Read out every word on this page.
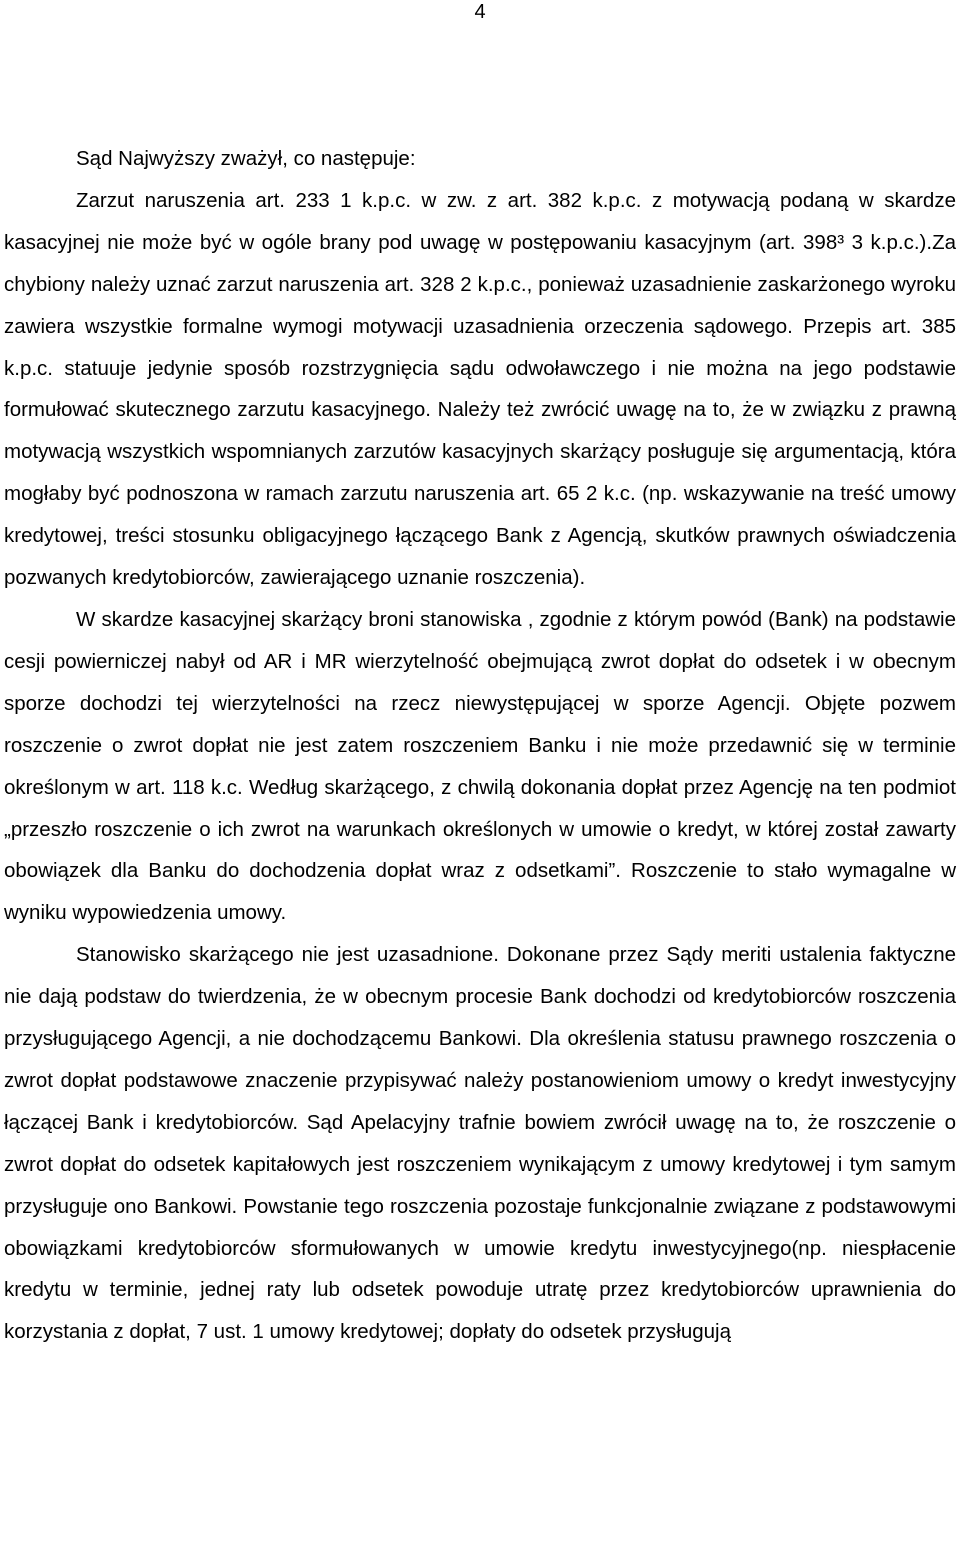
4

Sąd Najwyższy zważył, co następuje:

Zarzut naruszenia art. 233 1 k.p.c. w zw. z art. 382 k.p.c. z motywacją podaną w skardze kasacyjnej nie może być w ogóle brany pod uwagę w postępowaniu kasacyjnym (art. 398³ 3 k.p.c.).Za chybiony należy uznać zarzut naruszenia art. 328 2 k.p.c., ponieważ uzasadnienie zaskarżonego wyroku zawiera wszystkie formalne wymogi motywacji uzasadnienia orzeczenia sądowego. Przepis art. 385 k.p.c. statuuje jedynie sposób rozstrzygnięcia sądu odwoławczego i nie można na jego podstawie formułować skutecznego zarzutu kasacyjnego. Należy też zwrócić uwagę na to, że w związku z prawną motywacją wszystkich wspomnianych zarzutów kasacyjnych skarżący posługuje się argumentacją, która mogłaby być podnoszona w ramach zarzutu naruszenia art. 65 2 k.c. (np. wskazywanie na treść umowy kredytowej, treści stosunku obligacyjnego łączącego Bank z Agencją, skutków prawnych oświadczenia pozwanych kredytobiorców, zawierającego uznanie roszczenia).

W skardze kasacyjnej skarżący broni stanowiska , zgodnie z którym powód (Bank) na podstawie cesji powierniczej nabył od AR i MR wierzytelność obejmującą zwrot dopłat do odsetek i w obecnym sporze dochodzi tej wierzytelności na rzecz niewystępującej w sporze Agencji. Objęte pozwem roszczenie o zwrot dopłat nie jest zatem roszczeniem Banku i nie może przedawnić się w terminie określonym w art. 118 k.c. Według skarżącego, z chwilą dokonania dopłat przez Agencję na ten podmiot „przeszło roszczenie o ich zwrot na warunkach określonych w umowie o kredyt, w której został zawarty obowiązek dla Banku do dochodzenia dopłat wraz z odsetkami”. Roszczenie to stało wymagalne w wyniku wypowiedzenia umowy.

Stanowisko skarżącego nie jest uzasadnione. Dokonane przez Sądy meriti ustalenia faktyczne nie dają podstaw do twierdzenia, że w obecnym procesie Bank dochodzi od kredytobiorców roszczenia przysługującego Agencji, a nie dochodzącemu Bankowi. Dla określenia statusu prawnego roszczenia o zwrot dopłat podstawowe znaczenie przypisywać należy postanowieniom umowy o kredyt inwestycyjny łączącej Bank i kredytobiorców. Sąd Apelacyjny trafnie bowiem zwrócił uwagę na to, że roszczenie o zwrot dopłat do odsetek kapitałowych jest roszczeniem wynikającym z umowy kredytowej i tym samym przysługuje ono Bankowi. Powstanie tego roszczenia pozostaje funkcjonalnie związane z podstawowymi obowiązkami kredytobiorców sformułowanych w umowie kredytu inwestycyjnego(np. niespłacenie kredytu w terminie, jednej raty lub odsetek powoduje utratę przez kredytobiorców uprawnienia do korzystania z dopłat, 7 ust. 1 umowy kredytowej; dopłaty do odsetek przysługują
